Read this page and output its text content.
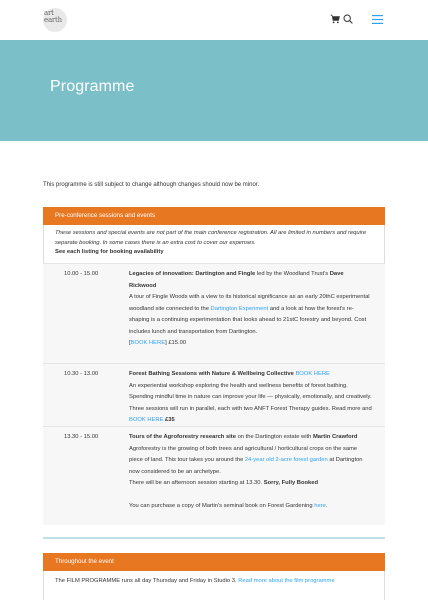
art
earth
Programme

This programme is still subject to change although changes should now be minor.

Pre-conference sessions and events
These sessions and special events are not part of the main conference registration. All are limited in numbers and require separate booking. In some cases there is an extra cost to cover our expenses.
See each listing for booking availability
10.00 - 15.00	Legacies of innovation: Dartington and Fingle led by the Woodland Trust's Dave Rickwood
A tour of Fingle Woods with a view to its historical significance as an early 20thC experimental woodland site connected to the Dartington Experiment and a look at how the forest's re-shaping is a continuing experimentation that looks ahead to 21stC forestry and beyond. Cost includes lunch and transportation from Dartington.
[BOOK HERE] £15.00
10.30 - 13.00	Forest Bathing Sessions with Nature & Wellbeing Collective BOOK HERE
An experiential workshop exploring the health and wellness benefits of forest bathing. Spending mindful time in nature can improve your life — physically, emotionally, and creatively. Three sessions will run in parallel, each with two ANFT Forest Therapy guides. Read more and BOOK HERE £35
13.30 - 15.00	Tours of the Agroforestry research site on the Dartington estate with Martin Crawford
Agroforestry is the growing of both trees and agricultural / horticultural crops on the same piece of land. This tour takes you around the 24-year old 2-acre forest garden at Dartington now considered to be an archetype.
There will be an afternoon session starting at 13.30. Sorry, Fully Booked

You can purchase a copy of Martin's seminal book on Forest Gardening here.
Throughout the event
The FILM PROGRAMME runs all day Thursday and Friday in Studio 3. Read more about the film programme
